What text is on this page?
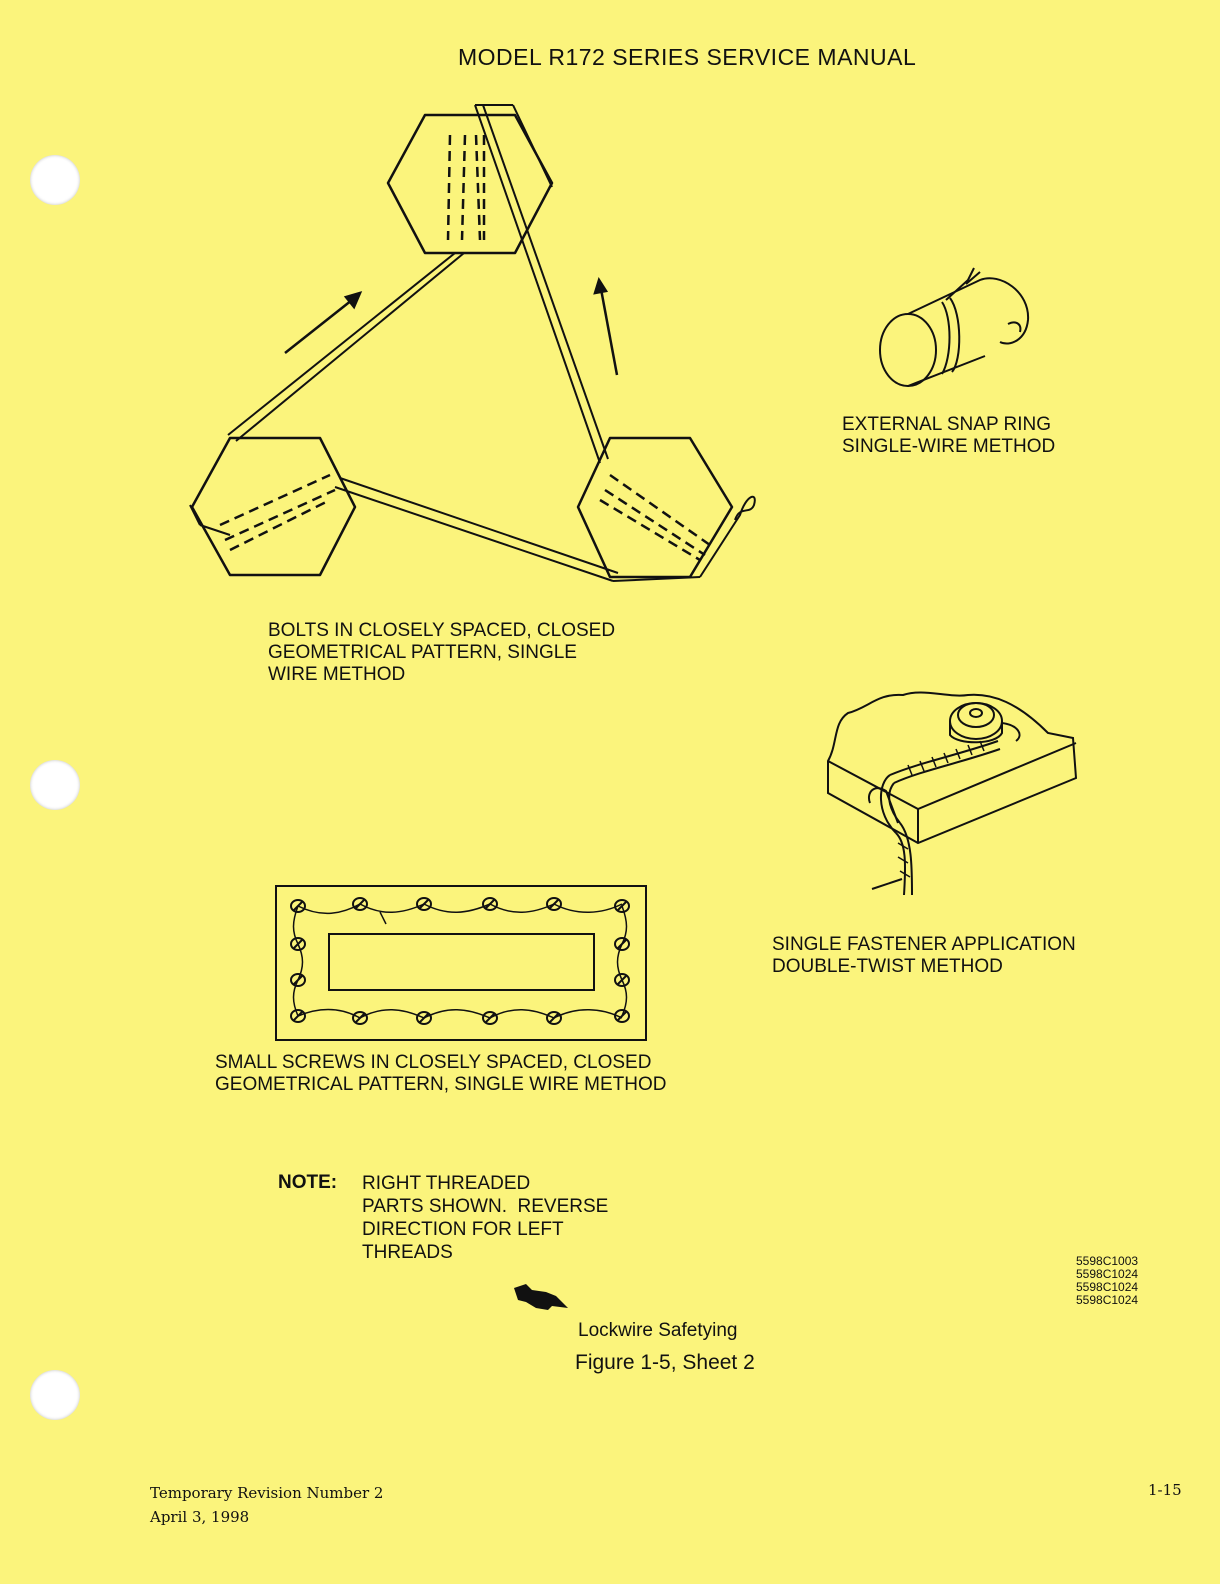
MODEL R172 SERIES SERVICE MANUAL
BOLTS IN CLOSELY SPACED, CLOSED
GEOMETRICAL PATTERN, SINGLE
WIRE METHOD
EXTERNAL SNAP RING
SINGLE-WIRE METHOD
SINGLE FASTENER APPLICATION
DOUBLE-TWIST METHOD
SMALL SCREWS IN CLOSELY SPACED, CLOSED
GEOMETRICAL PATTERN, SINGLE WIRE METHOD
NOTE: RIGHT THREADED
PARTS SHOWN.  REVERSE
DIRECTION FOR LEFT
THREADS	5598C1003
5598C1024
5598C1024
5598C1024
Lockwire Safetying
Figure 1-5, Sheet 2
Temporary Revision Number 2
April 3, 1998
1-15
